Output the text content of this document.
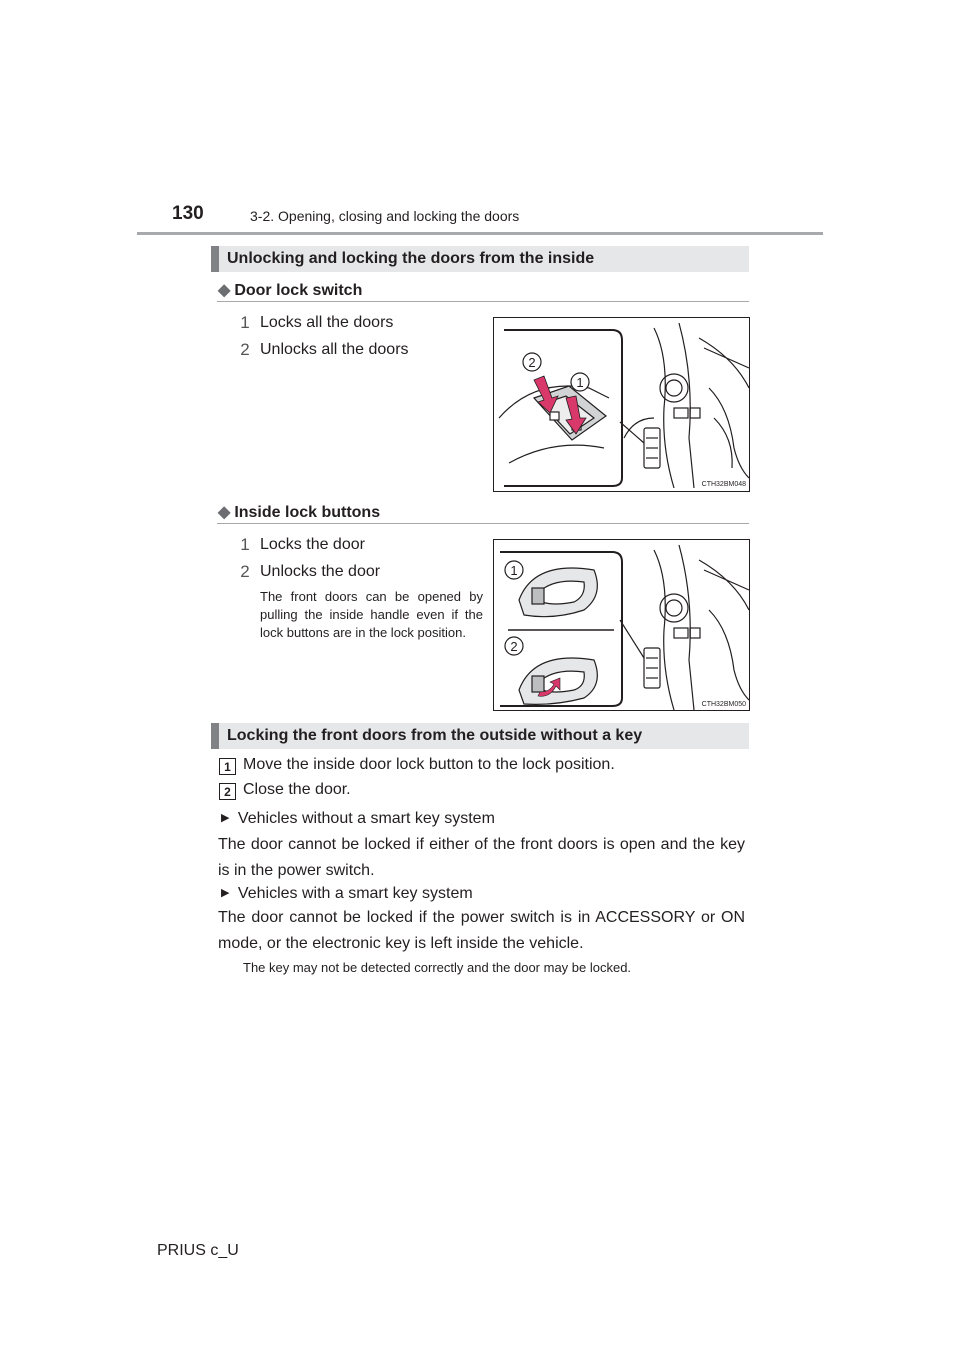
130	3-2. Opening, closing and locking the doors
Unlocking and locking the doors from the inside
◆ Door lock switch
1 Locks all the doors
2 Unlocks all the doors
2
1
CTH32BM048
◆ Inside lock buttons
1 Locks the door
2 Unlocks the door
The front doors can be opened by pulling the inside handle even if the lock buttons are in the lock position.
1
2
CTH32BM050
Locking the front doors from the outside without a key
1 Move the inside door lock button to the lock position.
2 Close the door.
▶ Vehicles without a smart key system
The door cannot be locked if either of the front doors is open and the key is in the power switch.
▶ Vehicles with a smart key system
The door cannot be locked if the power switch is in ACCESSORY or ON mode, or the electronic key is left inside the vehicle.
The key may not be detected correctly and the door may be locked.
PRIUS c_U
